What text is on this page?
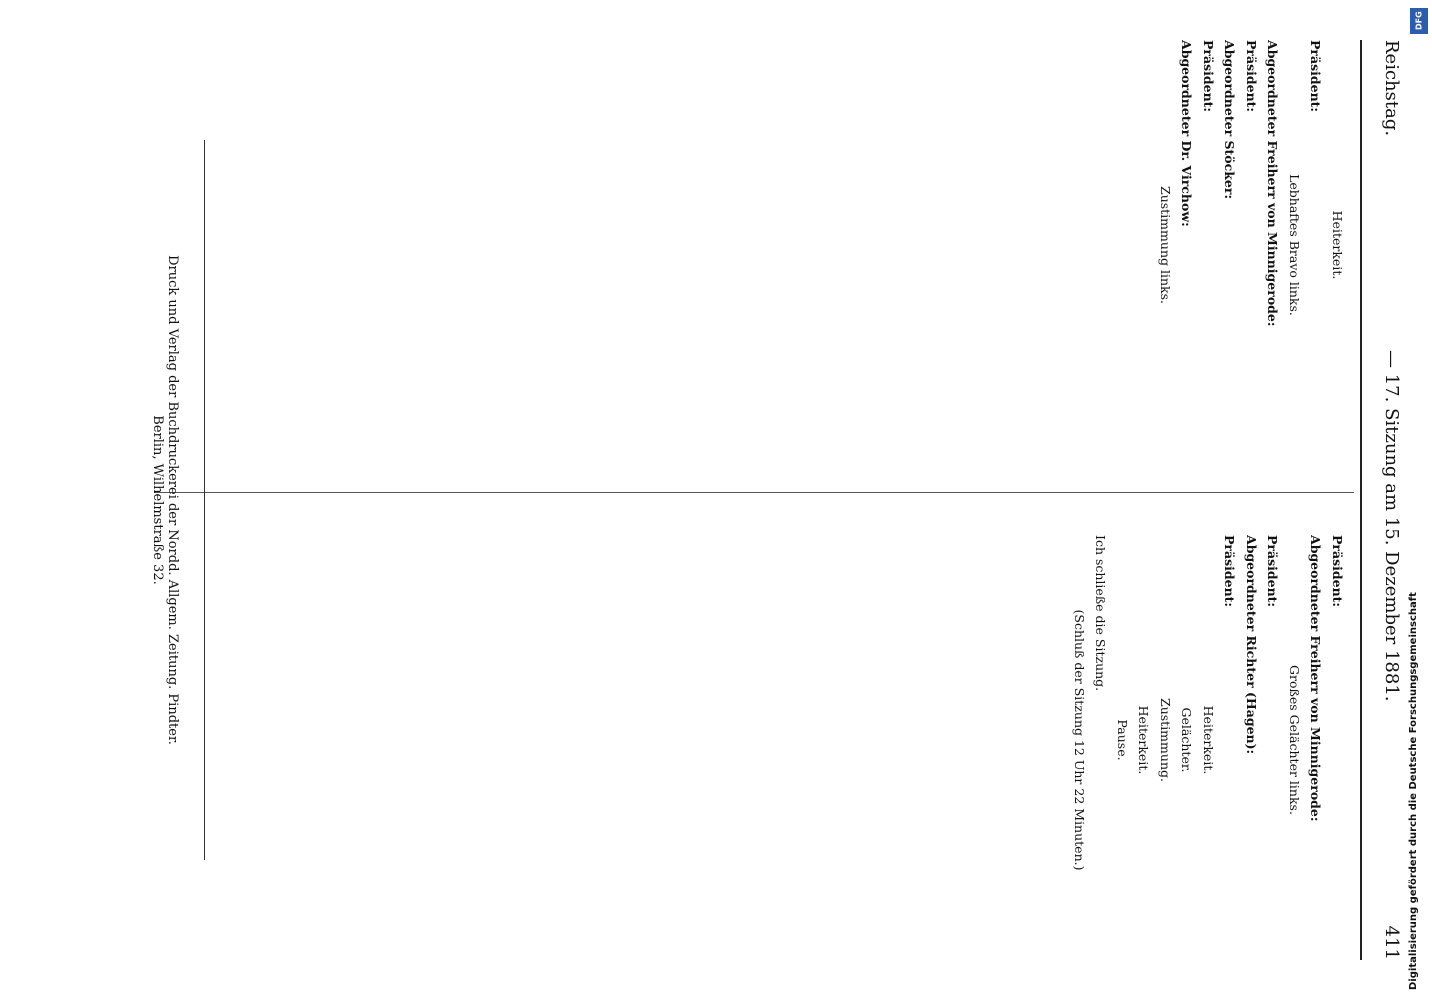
Reichstag.
— 17. Sitzung am 15. Dezember 1881.
411
Heiterkeit.
Präsident:
Lebhaftes Bravo links.
Abgeordneter Freiherr von Minnigerode:
Präsident:
Abgeordneter Stöcker:
Präsident:
Abgeordneter Dr. Virchow:
Zustimmung links.
Präsident:
Abgeordneter Freiherr von Minnigerode:
Großes Gelächter links.
Präsident:
Abgeordneter Richter (Hagen):
Präsident:
Heiterkeit.
Gelächter.
Zustimmung.
Heiterkeit.
Pause.
Ich schließe die Sitzung.
(Schluß der Sitzung 12 Uhr 22 Minuten.)
Druck und Verlag der Buchdruckerei der Nordd. Allgem. Zeitung. Pindter.
Berlin, Wilhelmstraße 32.
Digitalisierung gefördert durch die Deutsche Forschungsgemeinschaft
DFG
